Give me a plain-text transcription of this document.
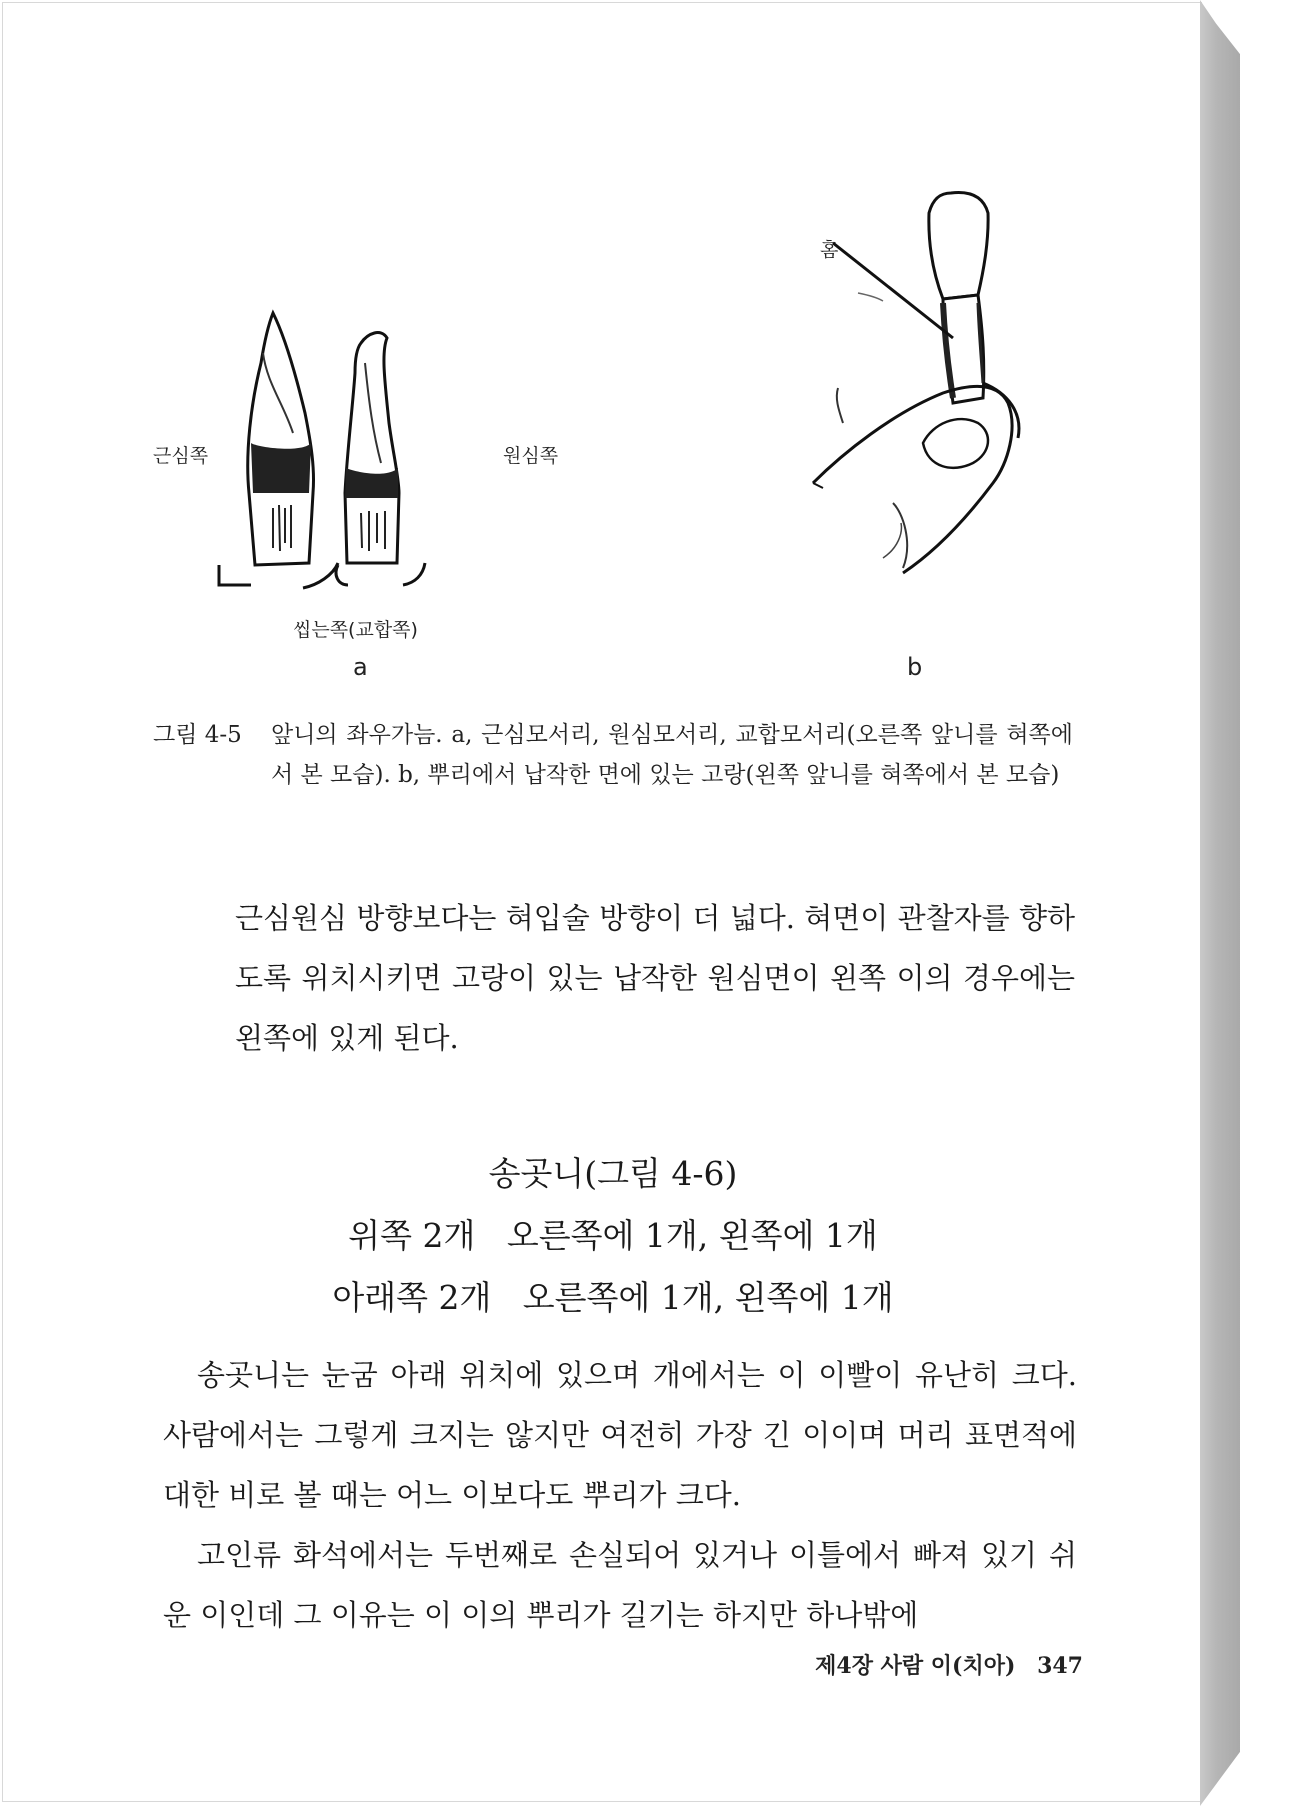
근심쪽	원심쪽
씹는쪽(교합쪽)
a
홈
b
그림 4-5 앞니의 좌우가늠. a, 근심모서리, 원심모서리, 교합모서리(오른쪽 앞니를 혀쪽에서 본 모습). b, 뿌리에서 납작한 면에 있는 고랑(왼쪽 앞니를 혀쪽에서 본 모습)
근심원심 방향보다는 혀입술 방향이 더 넓다. 혀면이 관찰자를 향하도록 위치시키면 고랑이 있는 납작한 원심면이 왼쪽 이의 경우에는 왼쪽에 있게 된다.
송곳니(그림 4-6)
위쪽 2개   오른쪽에 1개, 왼쪽에 1개
아래쪽 2개   오른쪽에 1개, 왼쪽에 1개

송곳니는 눈굼 아래 위치에 있으며 개에서는 이 이빨이 유난히 크다. 사람에서는 그렇게 크지는 않지만 여전히 가장 긴 이이며 머리 표면적에 대한 비로 볼 때는 어느 이보다도 뿌리가 크다.

고인류 화석에서는 두번째로 손실되어 있거나 이틀에서 빠져 있기 쉬운 이인데 그 이유는 이 이의 뿌리가 길기는 하지만 하나밖에

제4장 사람 이(치아) 347
